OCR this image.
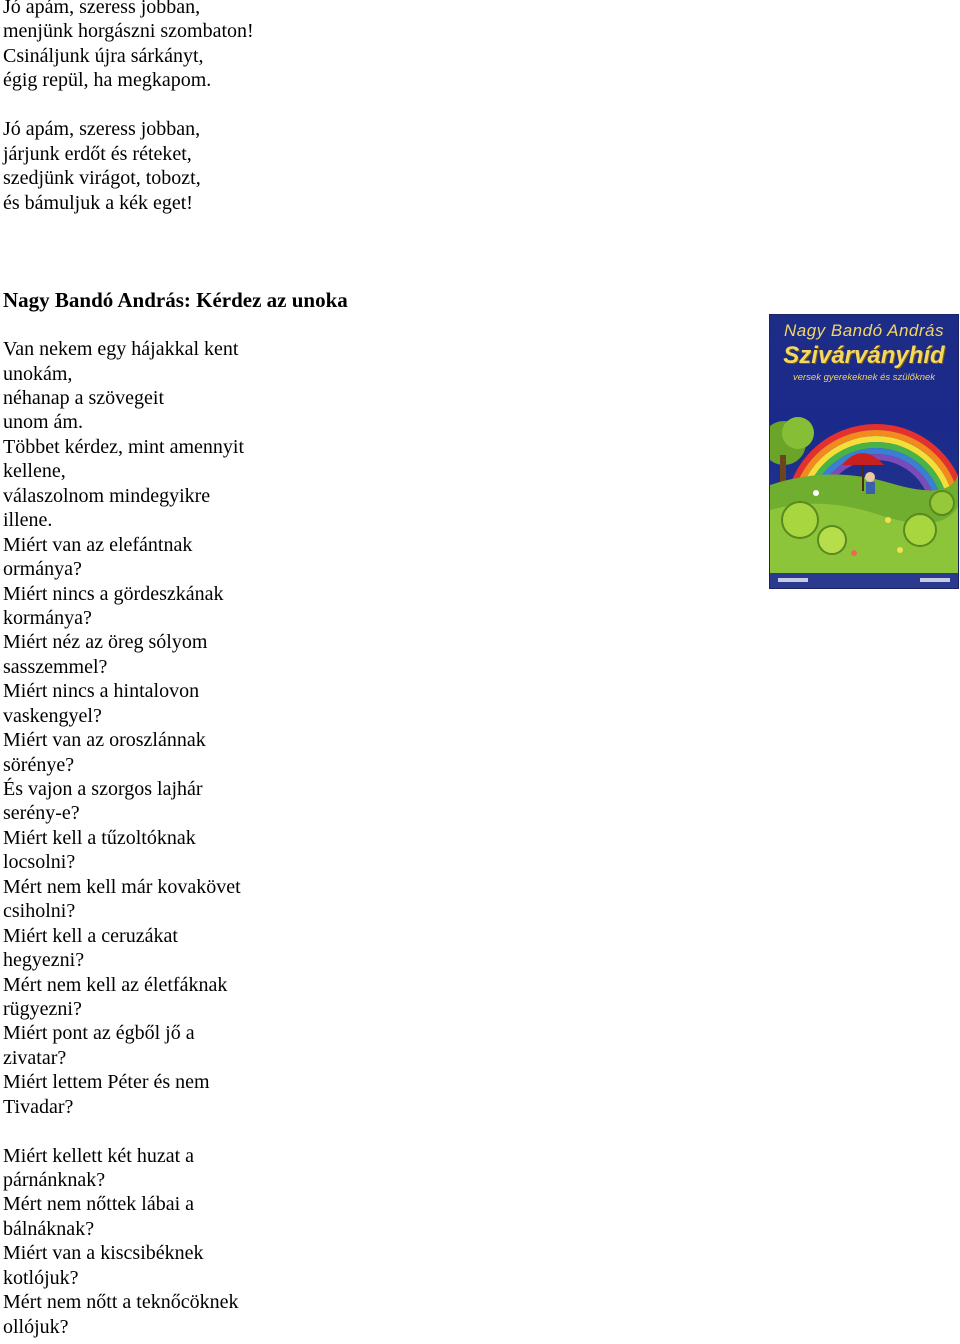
Jó apám, szeress jobban,
menjünk horgászni szombaton!
Csináljunk újra sárkányt,
égig repül, ha megkapom.
Jó apám, szeress jobban,
járjunk erdőt és réteket,
szedjünk virágot, tobozt,
és bámuljuk a kék eget!
Nagy Bandó András: Kérdez az unoka
Van nekem egy hájakkal kent
unokám,
néhanap a szövegeit
unom ám.
Többet kérdez, mint amennyit
kellene,
válaszolnom mindegyikre
illene.
Miért van az elefántnak
ormánya?
Miért nincs a gördeszkának
kormánya?
Miért néz az öreg sólyom
sasszemmel?
Miért nincs a hintalovon
vaskengyel?
Miért van az oroszlánnak
sörénye?
És vajon a szorgos lajhár
serény-e?
Miért kell a tűzoltóknak
locsolni?
Mért nem kell már kovakövet
csiholni?
Miért kell a ceruzákat
hegyezni?
Mért nem kell az életfáknak
rügyezni?
Miért pont az égből jő a
zivatar?
Miért lettem Péter és nem
Tivadar?
Miért kellett két huzat a
párnánknak?
Mért nem nőttek lábai a
bálnáknak?
Miért van a kiscsibéknek
kotlójuk?
Mért nem nőtt a teknőcöknek
ollójuk?
Nagy Bandó András
Szivárványhíd
versek gyerekeknek és szülőknek
